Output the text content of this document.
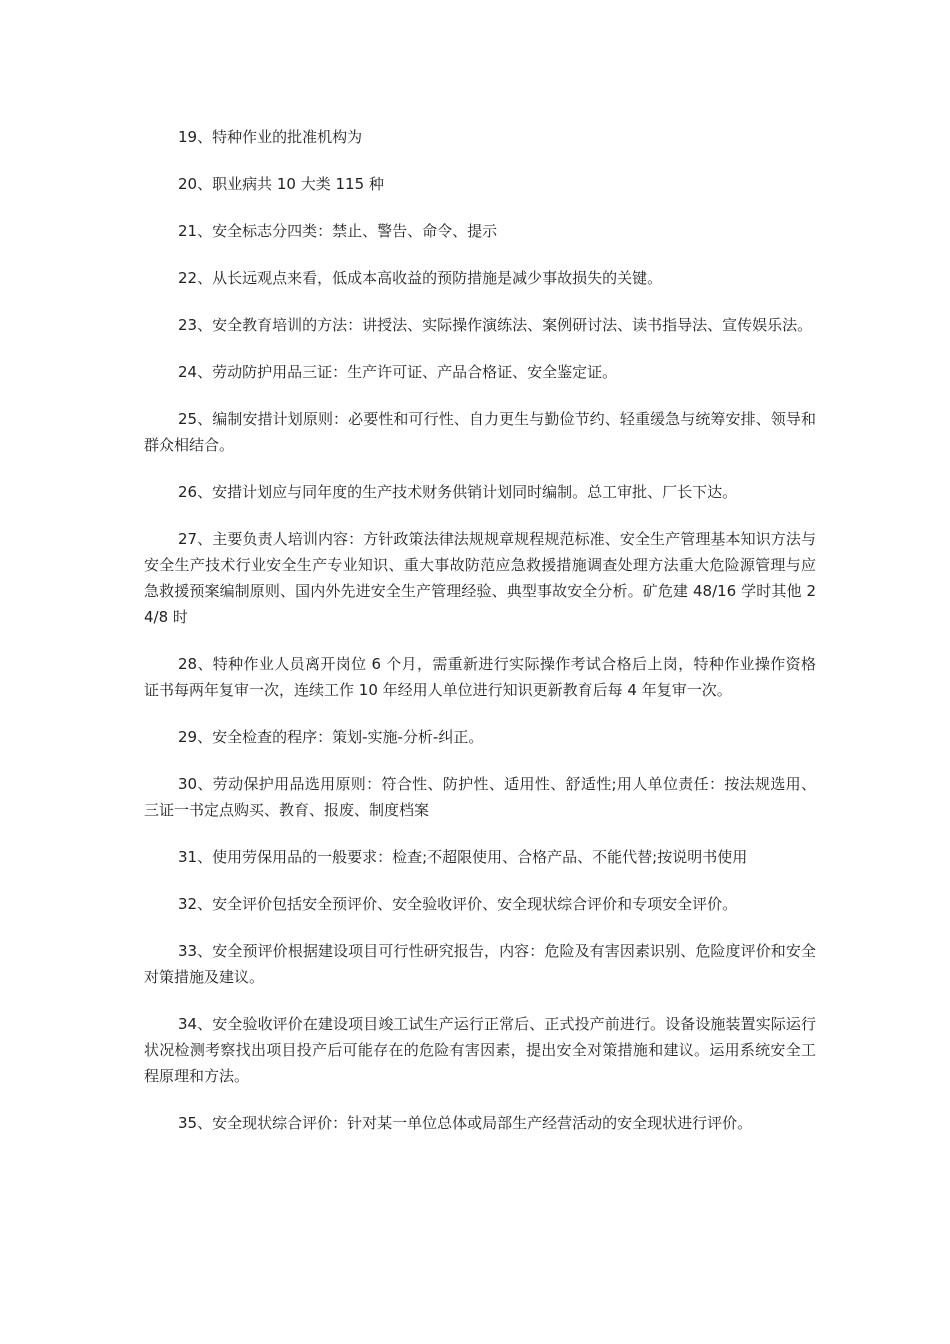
19、特种作业的批准机构为

20、职业病共 10 大类 115 种

21、安全标志分四类：禁止、警告、命令、提示

22、从长远观点来看，低成本高收益的预防措施是减少事故损失的关键。

23、安全教育培训的方法：讲授法、实际操作演练法、案例研讨法、读书指导法、宣传娱乐法。

24、劳动防护用品三证：生产许可证、产品合格证、安全鉴定证。

25、编制安措计划原则：必要性和可行性、自力更生与勤俭节约、轻重缓急与统筹安排、领导和群众相结合。

26、安措计划应与同年度的生产技术财务供销计划同时编制。总工审批、厂长下达。

27、主要负责人培训内容：方针政策法律法规规章规程规范标准、安全生产管理基本知识方法与安全生产技术行业安全生产专业知识、重大事故防范应急救援措施调查处理方法重大危险源管理与应急救援预案编制原则、国内外先进安全生产管理经验、典型事故安全分析。矿危建 48/16 学时其他 24/8 时

28、特种作业人员离开岗位 6 个月，需重新进行实际操作考试合格后上岗，特种作业操作资格证书每两年复审一次，连续工作 10 年经用人单位进行知识更新教育后每 4 年复审一次。

29、安全检查的程序：策划-实施-分析-纠正。

30、劳动保护用品选用原则：符合性、防护性、适用性、舒适性;用人单位责任：按法规选用、三证一书定点购买、教育、报废、制度档案

31、使用劳保用品的一般要求：检查;不超限使用、合格产品、不能代替;按说明书使用

32、安全评价包括安全预评价、安全验收评价、安全现状综合评价和专项安全评价。

33、安全预评价根据建设项目可行性研究报告，内容：危险及有害因素识别、危险度评价和安全对策措施及建议。

34、安全验收评价在建设项目竣工试生产运行正常后、正式投产前进行。设备设施装置实际运行状况检测考察找出项目投产后可能存在的危险有害因素，提出安全对策措施和建议。运用系统安全工程原理和方法。

35、安全现状综合评价：针对某一单位总体或局部生产经营活动的安全现状进行评价。
